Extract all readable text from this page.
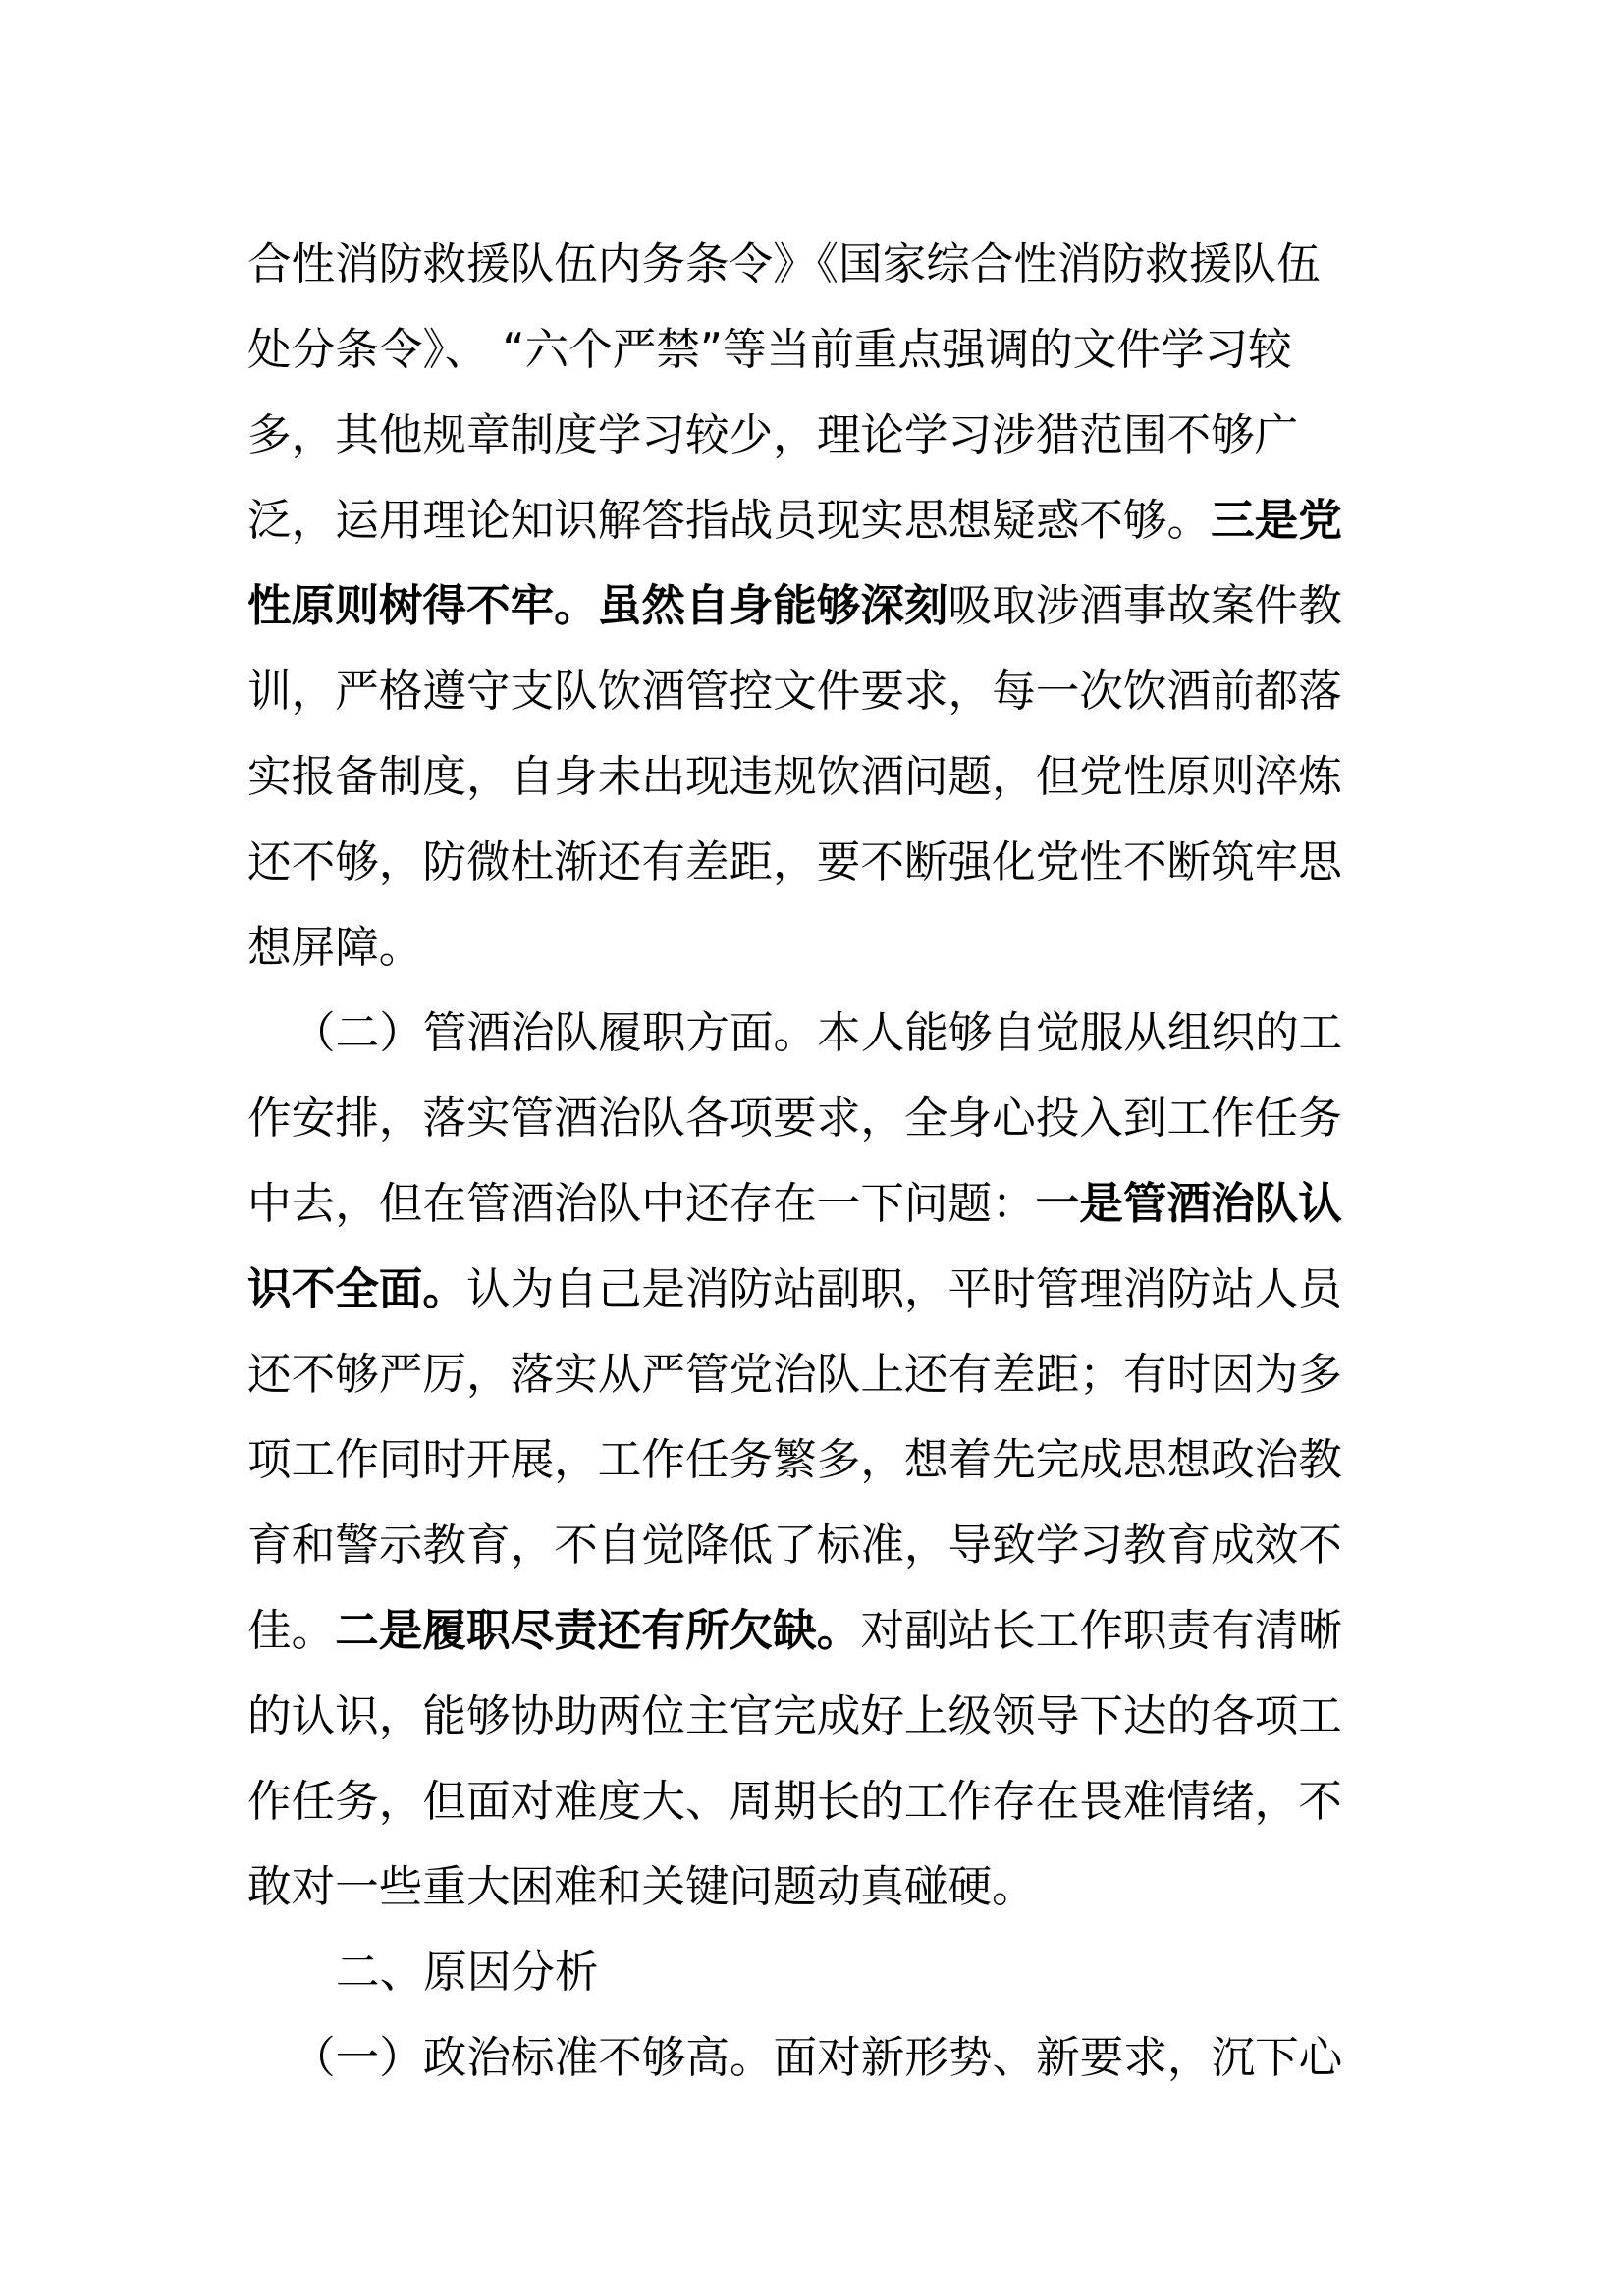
合性消防救援队伍内务条令》《国家综合性消防救援队伍
处分条令》、 “六个严禁”等当前重点强调的文件学习较
多，其他规章制度学习较少，理论学习涉猎范围不够广
泛，运用理论知识解答指战员现实思想疑惑不够。三是党
性原则树得不牢。虽然自身能够深刻吸取涉酒事故案件教
训，严格遵守支队饮酒管控文件要求，每一次饮酒前都落
实报备制度，自身未出现违规饮酒问题，但党性原则淬炼
还不够，防微杜渐还有差距，要不断强化党性不断筑牢思
想屏障。
（二）管酒治队履职方面。本人能够自觉服从组织的工
作安排，落实管酒治队各项要求，全身心投入到工作任务
中去，但在管酒治队中还存在一下问题：一是管酒治队认
识不全面。认为自己是消防站副职，平时管理消防站人员
还不够严厉，落实从严管党治队上还有差距；有时因为多
项工作同时开展，工作任务繁多，想着先完成思想政治教
育和警示教育，不自觉降低了标准，导致学习教育成效不
佳。二是履职尽责还有所欠缺。对副站长工作职责有清晰
的认识，能够协助两位主官完成好上级领导下达的各项工
作任务，但面对难度大、周期长的工作存在畏难情绪，不
敢对一些重大困难和关键问题动真碰硬。
二、原因分析
（一）政治标准不够高。面对新形势、新要求，沉下心
